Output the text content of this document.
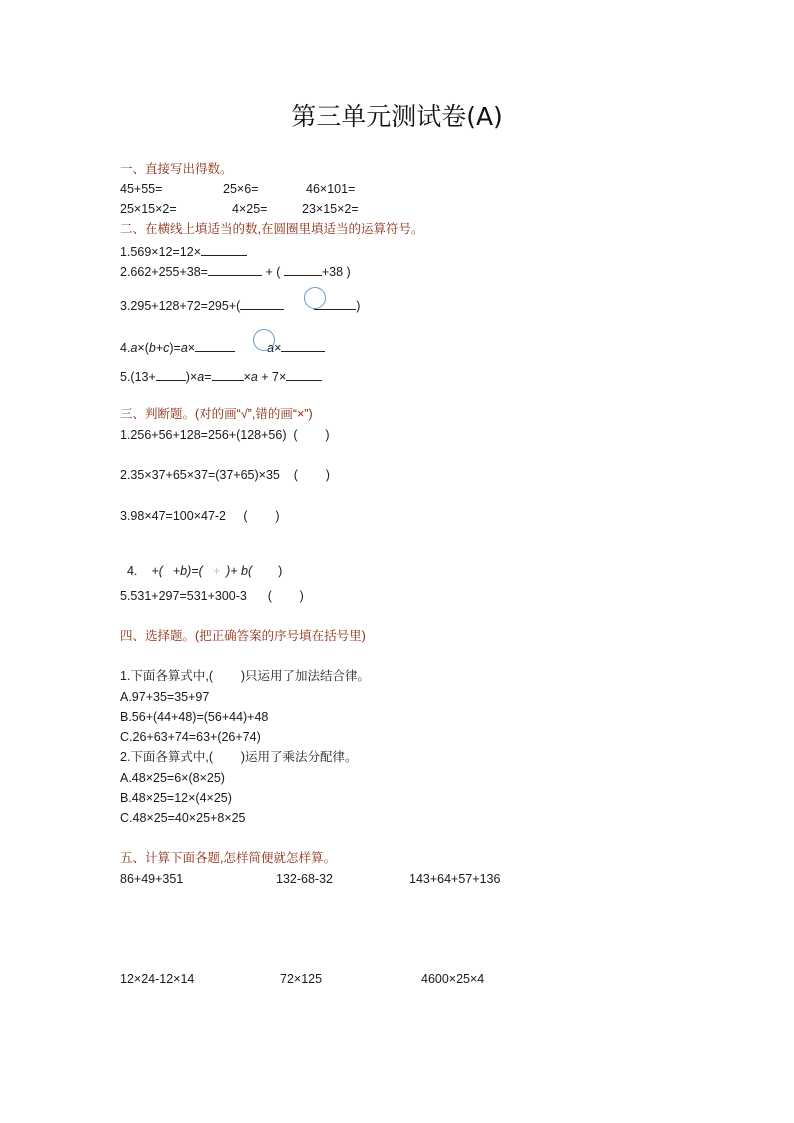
第三单元测试卷(A)
一、直接写出得数。
45+55=	25×6=	46×101=
25×15×2=	4×25=	23×15×2=
二、在横线上填适当的数,在圆圈里填适当的运算符号。
1.569×12=12×
2.662+255+38=	+ (	+38 )
3.295+128+72=295+(	)
4.a×(b+c)=a×	a×
5.(13+ )×a=	×a + 7×
三、判断题。(对的画“√”,错的画“×”)
1.256+56+128=256+(128+56)  (        )
2.35×37+65×37=(37+65)×35    (        )
3.98×47=100×47-2     (        )

4. +( +b)=( + )+ b( )

5.531+297=531+300-3      (        )
四、选择题。(把正确答案的序号填在括号里)
1.下面各算式中,(        )只运用了加法结合律。
A.97+35=35+97
B.56+(44+48)=(56+44)+48
C.26+63+74=63+(26+74)
2.下面各算式中,(        )运用了乘法分配律。
A.48×25=6×(8×25)
B.48×25=12×(4×25)
C.48×25=40×25+8×25
五、计算下面各题,怎样简便就怎样算。
86+49+351	132-68-32	143+64+57+136
12×24-12×14	72×125	4600×25×4
